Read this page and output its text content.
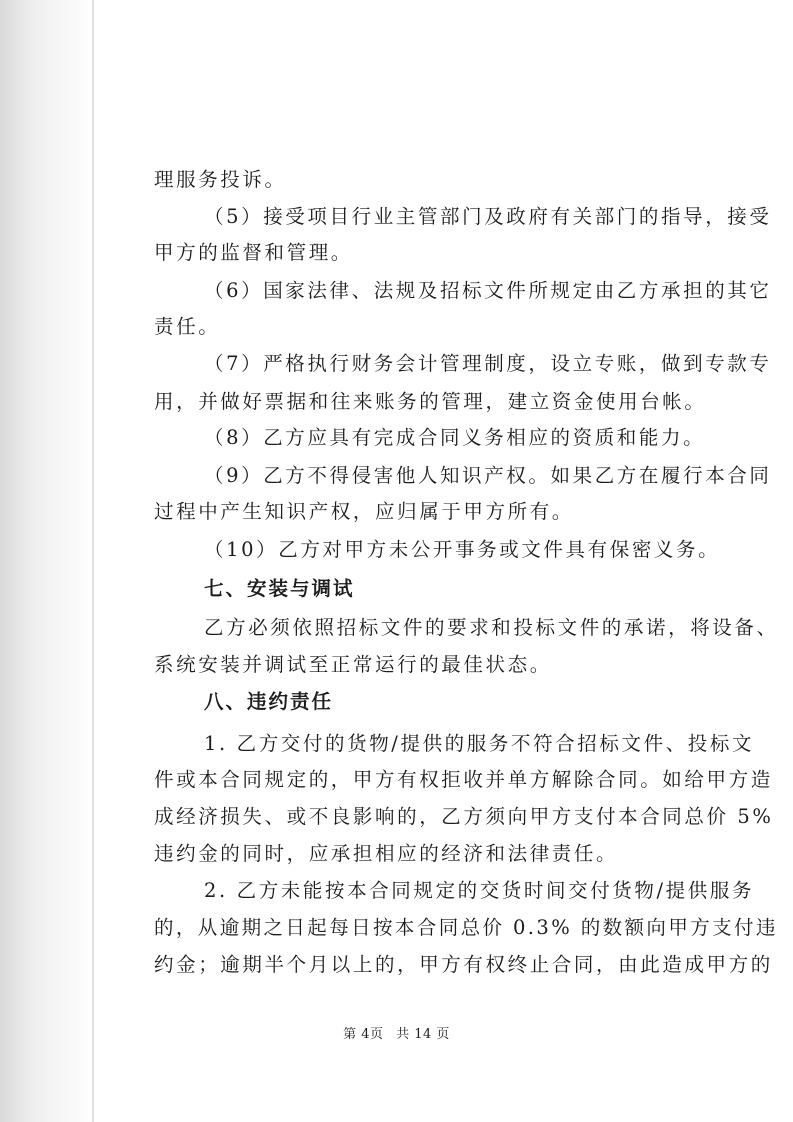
理服务投诉。
（5）接受项目行业主管部门及政府有关部门的指导，接受
甲方的监督和管理。
（6）国家法律、法规及招标文件所规定由乙方承担的其它
责任。
（7）严格执行财务会计管理制度，设立专账，做到专款专
用，并做好票据和往来账务的管理，建立资金使用台帐。
（8）乙方应具有完成合同义务相应的资质和能力。
（9）乙方不得侵害他人知识产权。如果乙方在履行本合同
过程中产生知识产权，应归属于甲方所有。
（10）乙方对甲方未公开事务或文件具有保密义务。
七、安装与调试
乙方必须依照招标文件的要求和投标文件的承诺，将设备、
系统安装并调试至正常运行的最佳状态。
八、违约责任
1. 乙方交付的货物/提供的服务不符合招标文件、投标文
件或本合同规定的，甲方有权拒收并单方解除合同。如给甲方造
成经济损失、或不良影响的，乙方须向甲方支付本合同总价 5%
违约金的同时，应承担相应的经济和法律责任。
2. 乙方未能按本合同规定的交货时间交付货物/提供服务
的，从逾期之日起每日按本合同总价 0.3% 的数额向甲方支付违
约金；逾期半个月以上的，甲方有权终止合同，由此造成甲方的
第 4页 共 14 页
